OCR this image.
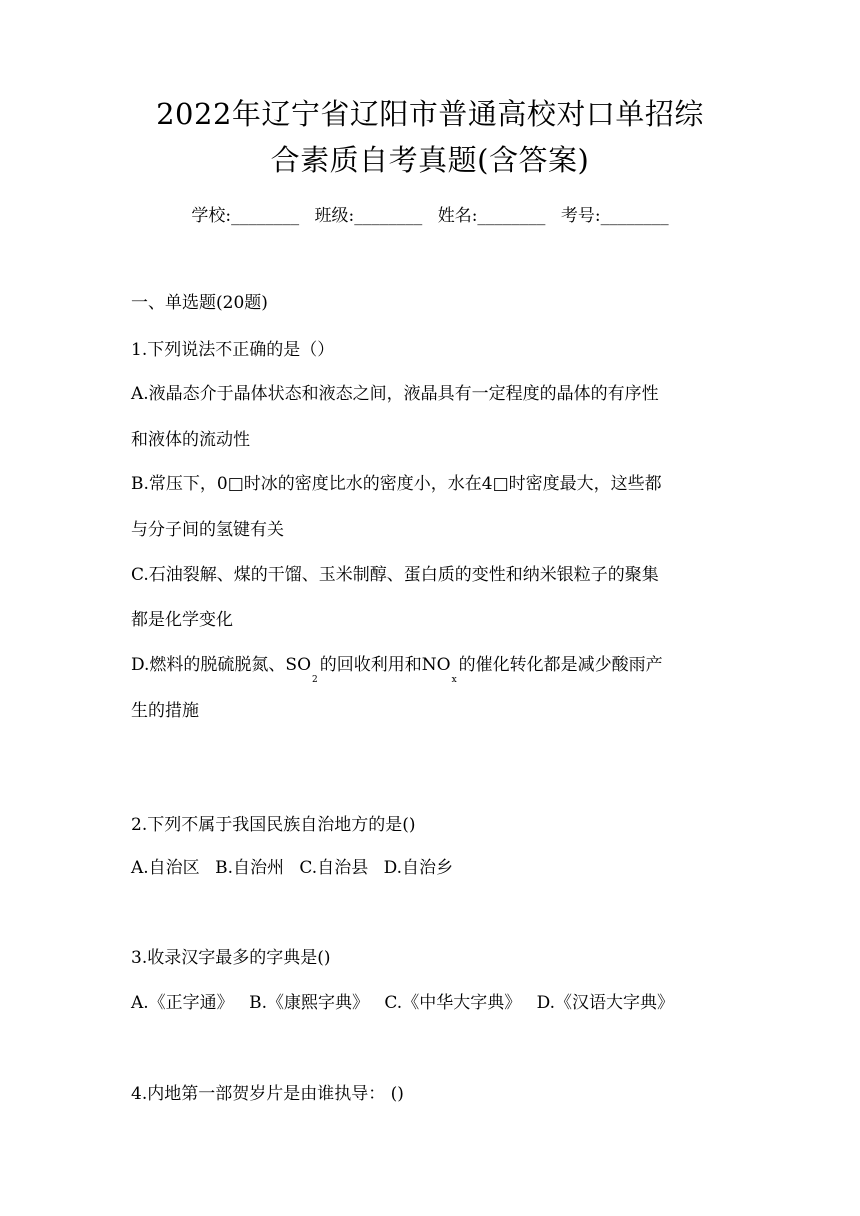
2022年辽宁省辽阳市普通高校对口单招综
合素质自考真题(含答案)
学校:________ 班级:________ 姓名:________ 考号:________
一、单选题(20题)
1.下列说法不正确的是（）
A.液晶态介于晶体状态和液态之间，液晶具有一定程度的晶体的有序性
和液体的流动性
B.常压下，0□时冰的密度比水的密度小，水在4□时密度最大，这些都
与分子间的氢键有关
C.石油裂解、煤的干馏、玉米制醇、蛋白质的变性和纳米银粒子的聚集
都是化学变化
D.燃料的脱硫脱氮、$SO_2$的回收利用和$NO_x$的催化转化都是减少酸雨产
生的措施
2.下列不属于我国民族自治地方的是()
A.自治区 B.自治州 C.自治县 D.自治乡
3.收录汉字最多的字典是()
A.《正字通》 B.《康熙字典》 C.《中华大字典》 D.《汉语大字典》
4.内地第一部贺岁片是由谁执导： ()
